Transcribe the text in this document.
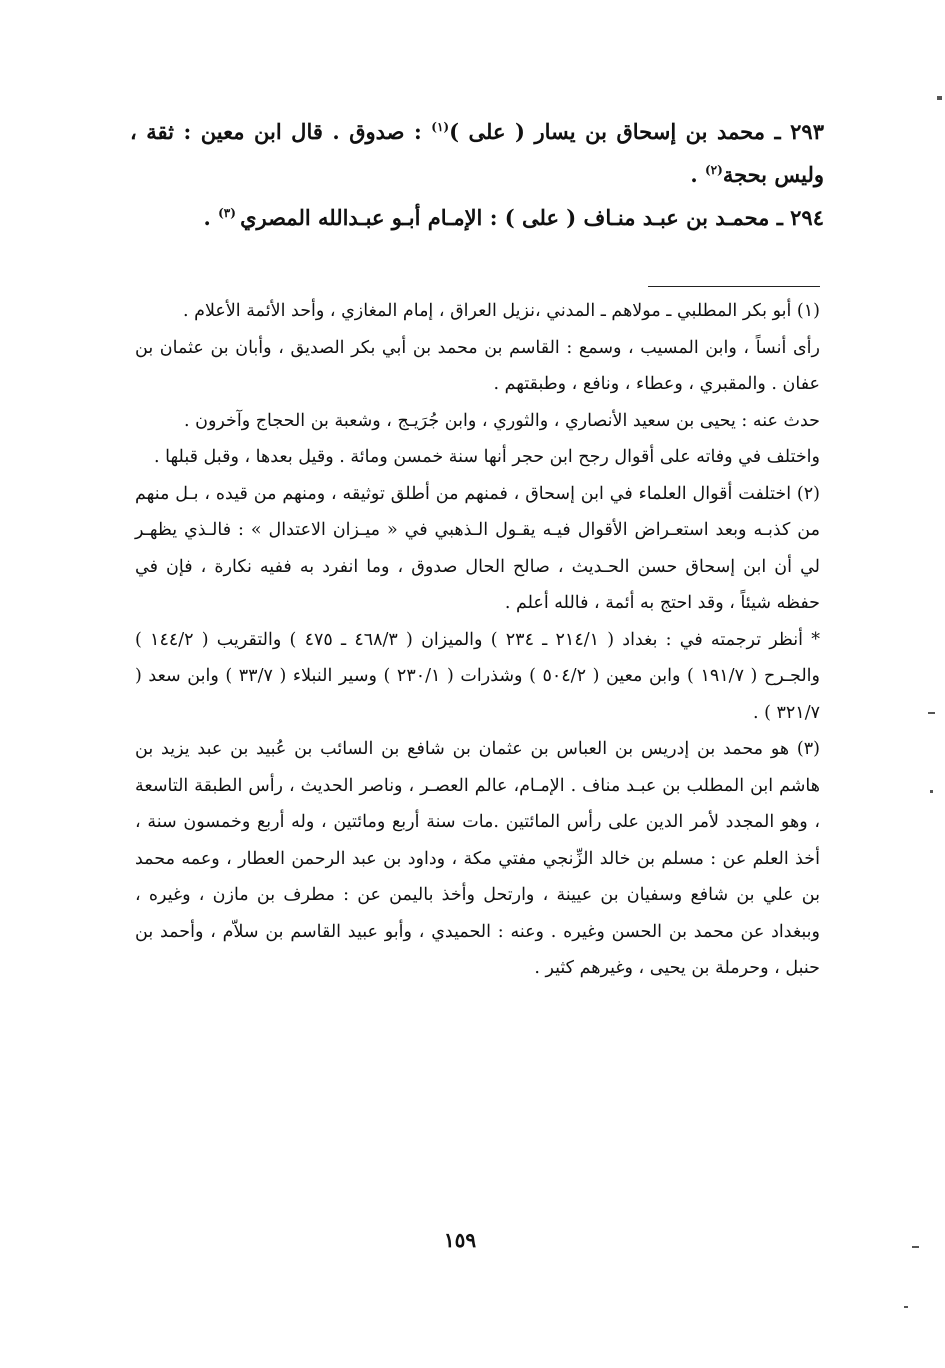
٢٩٣ ـ محمد بن إسحاق بن يسار ( على )$^{(١)}$ : صدوق . قال ابن معين : ثقة ، وليس بحجة$^{(٢)}$ .

٢٩٤ ـ محمـد بن عبـد منـاف ( على ) : الإمـام أبـو عبـدالله المصري $^{(٣)}$ .

(١) أبو بكر المطلبي ـ مولاهم ـ المدني ،نزيل العراق ، إمام المغازي ، وأحد الأئمة الأعلام .

رأى أنساً ، وابن المسيب ، وسمع : القاسم بن محمد بن أبي بكر الصديق ، وأبان بن عثمان بن عفان . والمقبري ، وعطاء ، ونافع ، وطبقتهم .

حدث عنه : يحيى بن سعيد الأنصاري ، والثوري ، وابن جُرَيـج ، وشعبة بن الحجاج وآخرون .

واختلف في وفاته على أقوال رجح ابن حجر أنها سنة خمسن ومائة . وقيل بعدها ، وقبل قبلها .

(٢) اختلفت أقوال العلماء في ابن إسحاق ، فمنهم من أطلق توثيقه ، ومنهم من قيده ، بـل منهم من كذبـه وبعد استعـراض الأقوال فيـه يقـول الـذهبي في « ميـزان الاعتدال » : فالـذي يظهـر لي أن ابن إسحاق حسن الحـديث ، صالح الحال صدوق ، وما انفرد به ففيه نكارة ، فإن في حفظه شيئاً ، وقد احتج به أئمة ، فالله أعلم .

* أنظر ترجمته في : بغداد ( ٢١٤/١ ـ ٢٣٤ ) والميزان ( ٤٦٨/٣ ـ ٤٧٥ ) والتقريب ( ١٤٤/٢ ) والجـرح ( ١٩١/٧ ) وابن معين ( ٥٠٤/٢ ) وشذرات ( ٢٣٠/١ ) وسير النبلاء ( ٣٣/٧ ) وابن سعد ( ٣٢١/٧ ) .

(٣) هو محمد بن إدريس بن العباس بن عثمان بن شافع بن السائب بن عُبيد بن عبد يزيد بن هاشم ابن المطلب بن عبـد مناف . الإمـام، عالم العصـر ، وناصر الحديث ، رأس الطبقة التاسعة ، وهو المجدد لأمر الدين على رأس المائتين .مات سنة أربع ومائتين ، وله أربع وخمسون سنة ، أخذ العلم عن : مسلم بن خالد الزِّنجي مفتي مكة ، وداود بن عبد الرحمن العطار ، وعمه محمد بن علي بن شافع وسفيان بن عيينة ، وارتحل وأخذ باليمن عن : مطرف بن مازن ، وغيره ، وببغداد عن محمد بن الحسن وغيره . وعنه : الحميدي ، وأبو عبيد القاسم بن سلاّم ، وأحمد بن حنبل ، وحرملة بن يحيى ، وغيرهم كثير .

١٥٩
